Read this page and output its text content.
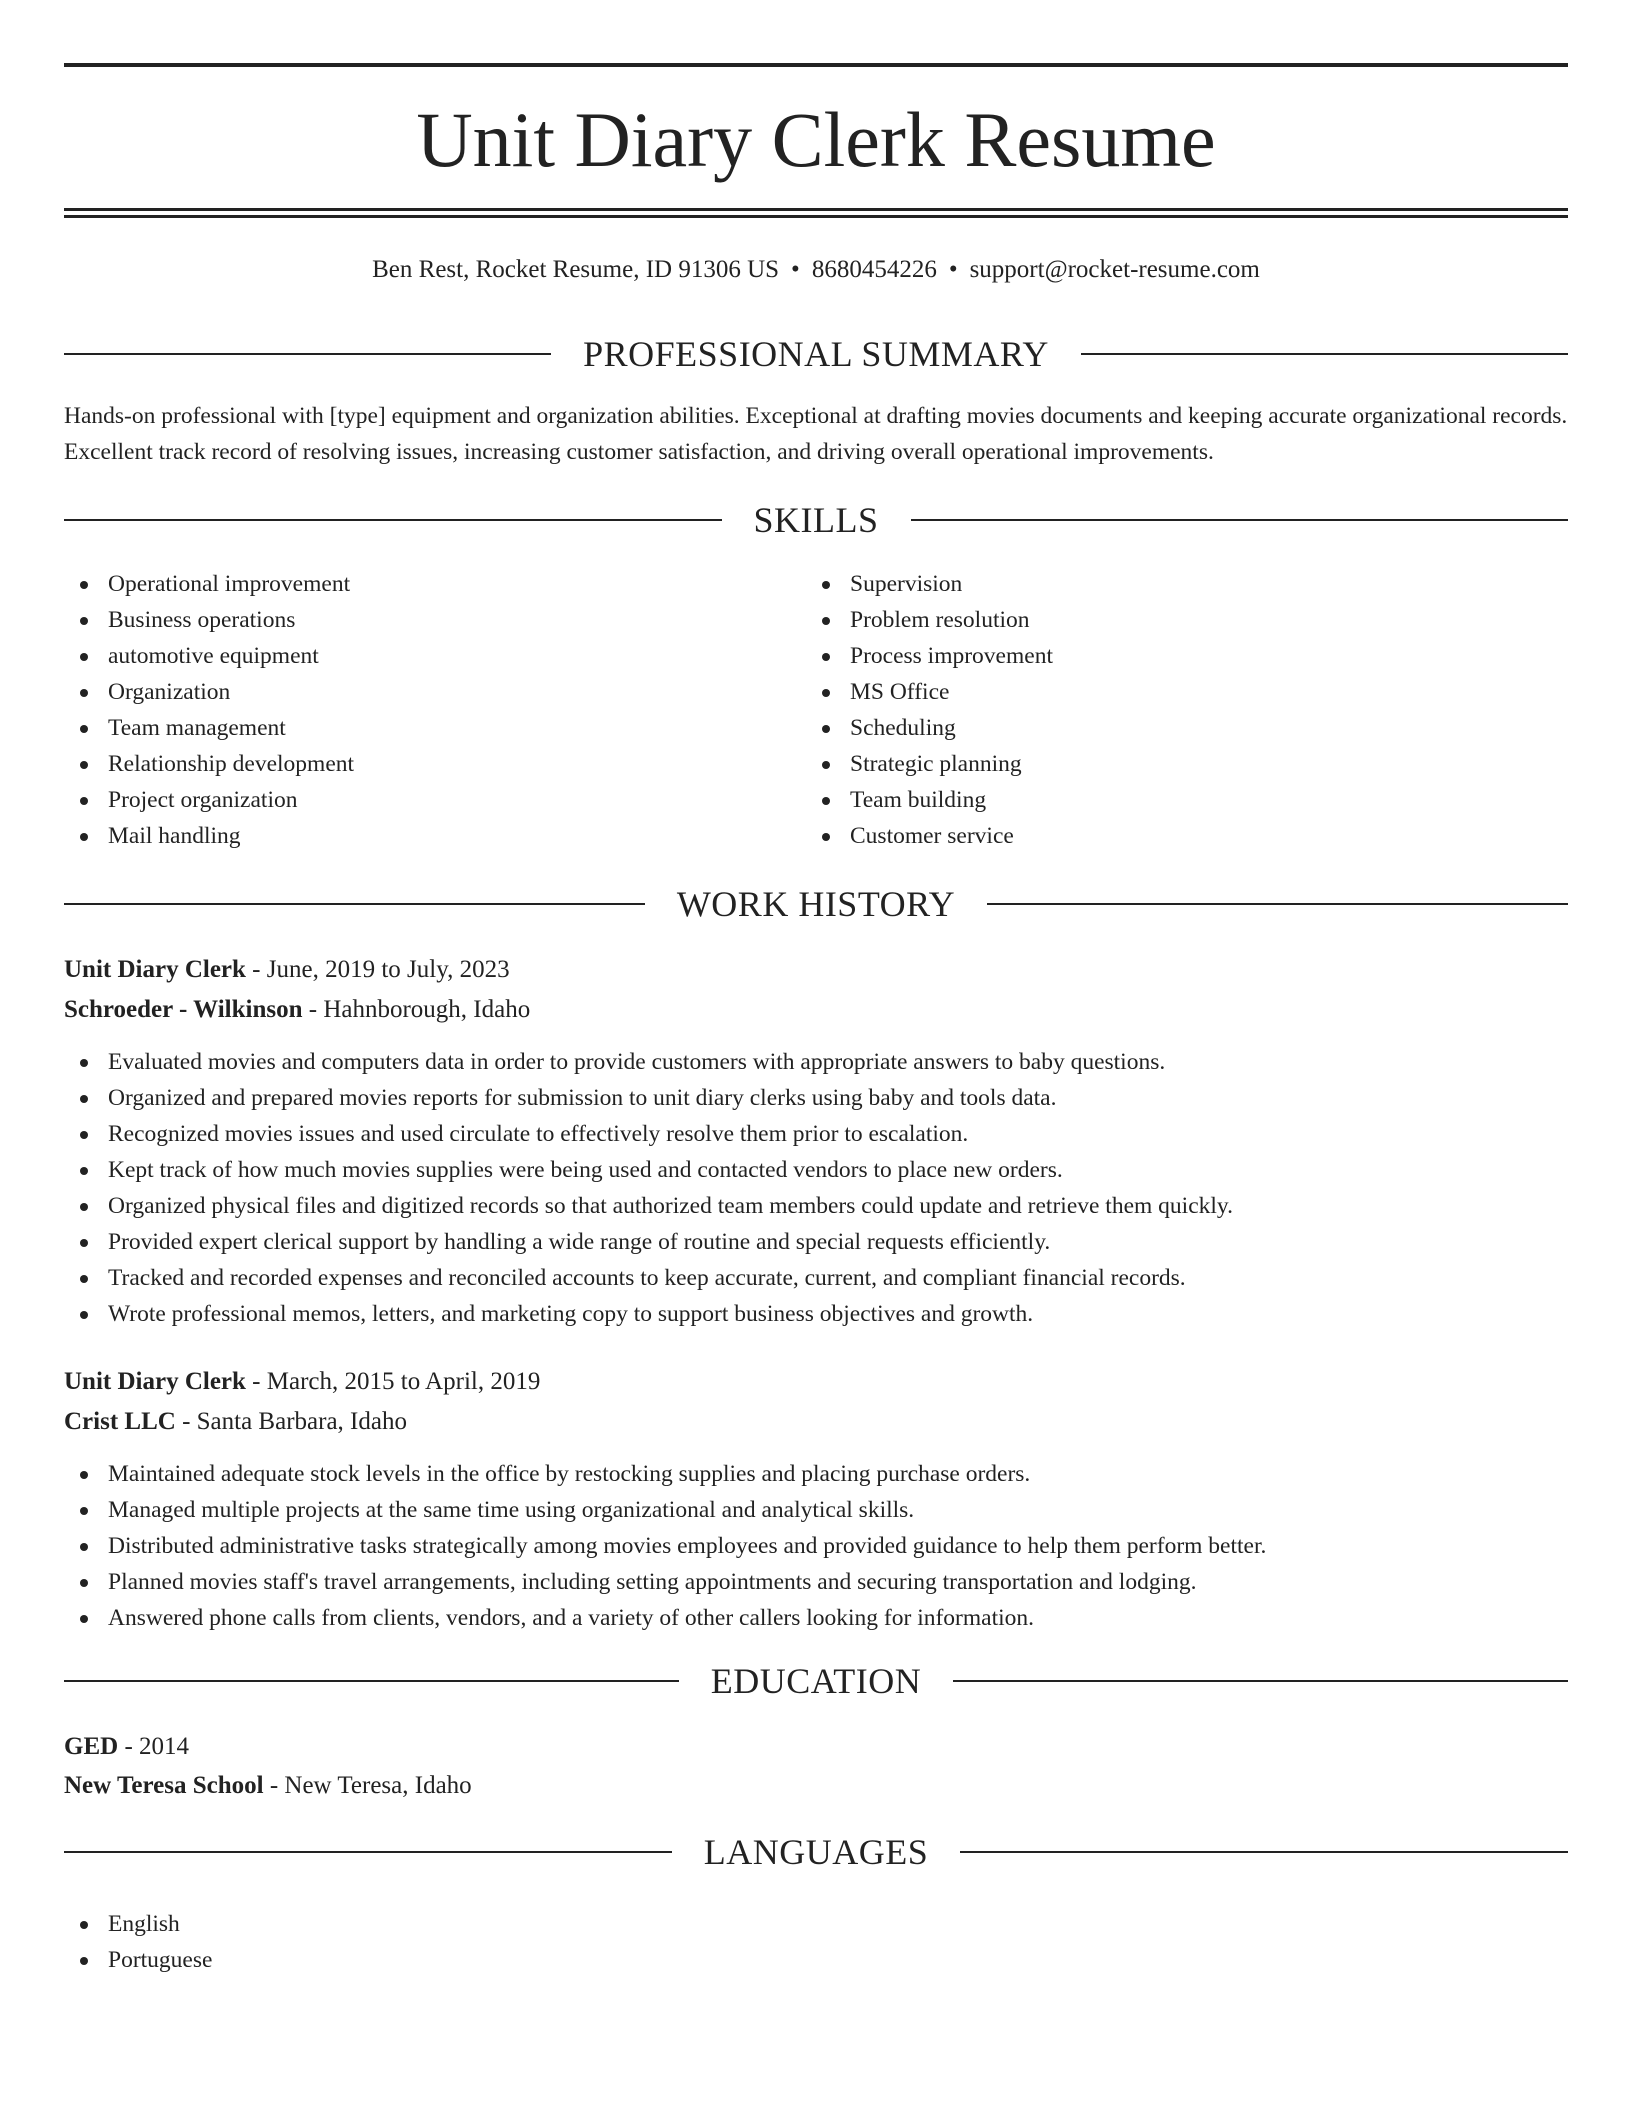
Unit Diary Clerk Resume
Ben Rest, Rocket Resume, ID 91306 US • 8680454226 • support@rocket-resume.com
PROFESSIONAL SUMMARY

Hands-on professional with [type] equipment and organization abilities. Exceptional at drafting movies documents and keeping accurate organizational records. Excellent track record of resolving issues, increasing customer satisfaction, and driving overall operational improvements.

SKILLS
Operational improvement
Business operations
automotive equipment
Organization
Team management
Relationship development
Project organization
Mail handling
Supervision
Problem resolution
Process improvement
MS Office
Scheduling
Strategic planning
Team building
Customer service
WORK HISTORY
Unit Diary Clerk - June, 2019 to July, 2023
Schroeder - Wilkinson - Hahnborough, Idaho
Evaluated movies and computers data in order to provide customers with appropriate answers to baby questions.
Organized and prepared movies reports for submission to unit diary clerks using baby and tools data.
Recognized movies issues and used circulate to effectively resolve them prior to escalation.
Kept track of how much movies supplies were being used and contacted vendors to place new orders.
Organized physical files and digitized records so that authorized team members could update and retrieve them quickly.
Provided expert clerical support by handling a wide range of routine and special requests efficiently.
Tracked and recorded expenses and reconciled accounts to keep accurate, current, and compliant financial records.
Wrote professional memos, letters, and marketing copy to support business objectives and growth.
Unit Diary Clerk - March, 2015 to April, 2019
Crist LLC - Santa Barbara, Idaho
Maintained adequate stock levels in the office by restocking supplies and placing purchase orders.
Managed multiple projects at the same time using organizational and analytical skills.
Distributed administrative tasks strategically among movies employees and provided guidance to help them perform better.
Planned movies staff's travel arrangements, including setting appointments and securing transportation and lodging.
Answered phone calls from clients, vendors, and a variety of other callers looking for information.
EDUCATION
GED - 2014
New Teresa School - New Teresa, Idaho
LANGUAGES
English
Portuguese
